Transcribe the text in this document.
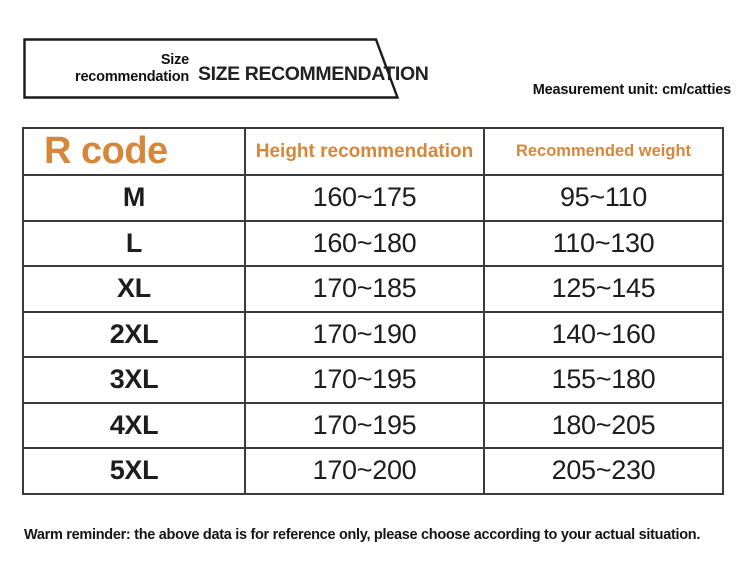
Size
recommendation SIZE RECOMMENDATION
Measurement unit: cm/catties
R code	Height recommendation	Recommended weight
M	160~175	95~110
L	160~180	110~130
XL	170~185	125~145
2XL	170~190	140~160
3XL	170~195	155~180
4XL	170~195	180~205
5XL	170~200	205~230
Warm reminder: the above data is for reference only, please choose according to your actual situation.
